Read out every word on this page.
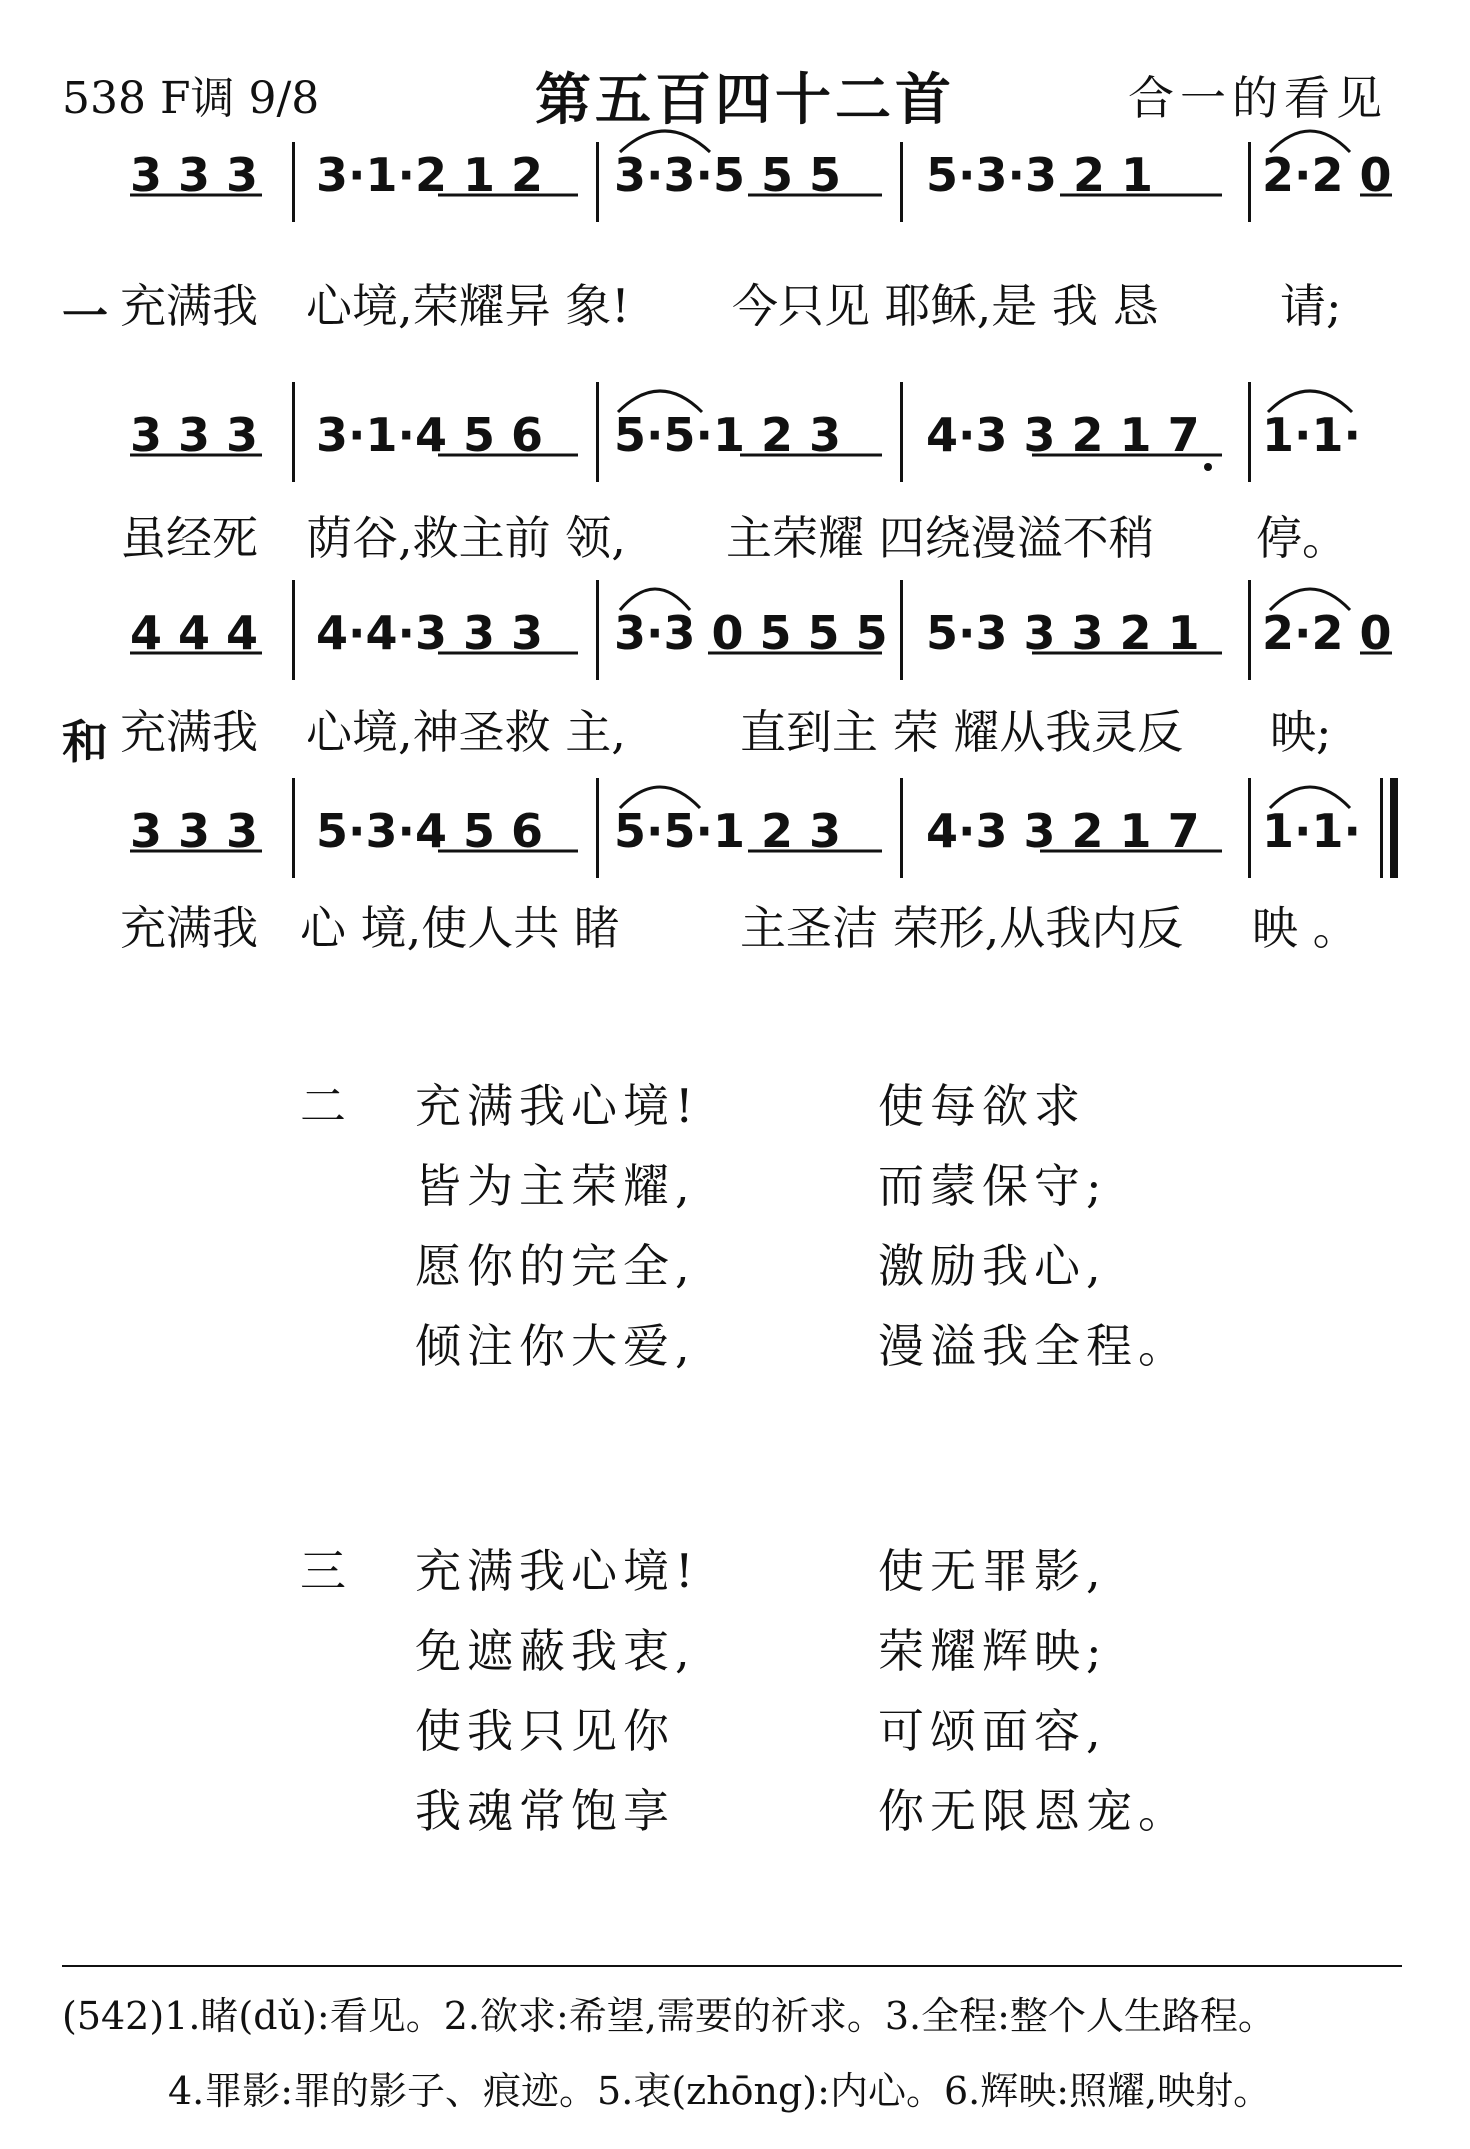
538 F调 9/8	第五百四十二首	合一的看见
3 3 3 3·1·2 1 2 3·3·5 5 5 5·3·3 2 1 2·2 0
一 充满我 心境,荣耀异 象! 今只见 耶稣,是 我 恳	请;
3 3 3 3·1·4 5 6 5·5·1 2 3 4·3 3 2 1 7 1·1·
虽经死 荫谷,救主前 领, 主荣耀 四绕漫溢不稍 停。
4 4 4 4·4·3 3 3 3·3 0 5 5 5 5·3 3 3 2 1 2·2 0
和 充满我 心境,神圣救 主, 直到主 荣 耀从我灵反 映;
3 3 3 5·3·4 5 6 5·5·1 2 3 4·3 3 2 1 7 1·1·
充满我 心 境,使人共 睹	主圣洁 荣形,从我内反 映 。
二 充满我心境!	使每欲求
皆为主荣耀,	而蒙保守;
愿你的完全,	激励我心,
倾注你大爱,	漫溢我全程。
三 充满我心境!	使无罪影,
免遮蔽我衷,	荣耀辉映;
使我只见你	可颂面容,
我魂常饱享	你无限恩宠。
(542)1.睹(dǔ):看见。2.欲求:希望,需要的祈求。3.全程:整个人生路程。
4.罪影:罪的影子、痕迹。5.衷(zhōng):内心。6.辉映:照耀,映射。
